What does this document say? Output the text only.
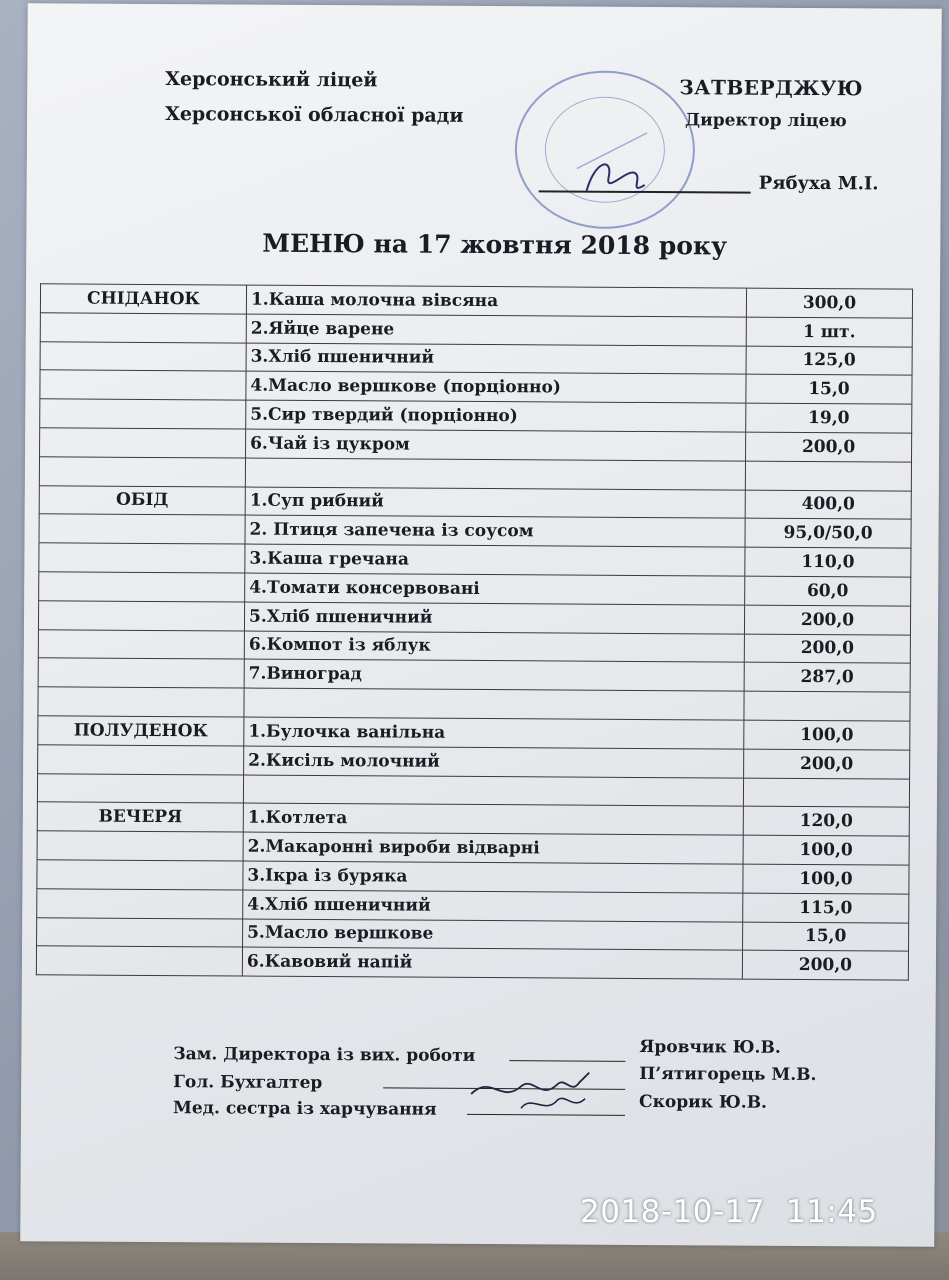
Херсонський ліцей
Херсонської обласної ради
ЗАТВЕРДЖУЮ
Директор ліцею
Рябуха М.І.
МЕНЮ на 17 жовтня 2018 року
СНІДАНОК	1.Каша молочна вівсяна	300,0
	2.Яйце варене	1 шт.
	3.Хліб пшеничний	125,0
	4.Масло вершкове (порціонно)	15,0
	5.Сир твердий (порціонно)	19,0
	6.Чай із цукром	200,0

ОБІД	1.Суп рибний	400,0
	2. Птиця запечена із соусом	95,0/50,0
	3.Каша гречана	110,0
	4.Томати консервовані	60,0
	5.Хліб пшеничний	200,0
	6.Компот із яблук	200,0
	7.Виноград	287,0

ПОЛУДЕНОК	1.Булочка ванільна	100,0
	2.Кисіль молочний	200,0

ВЕЧЕРЯ	1.Котлета	120,0
	2.Макаронні вироби відварні	100,0
	3.Ікра із буряка	100,0
	4.Хліб пшеничний	115,0
	5.Масло вершкове	15,0
	6.Кавовий напій	200,0
Зам. Директора із вих. роботи	Яровчик Ю.В.
Гол. Бухгалтер	П’ятигорець М.В.
Мед. сестра із харчування	Скорик Ю.В.
2018-10-17  11:45
